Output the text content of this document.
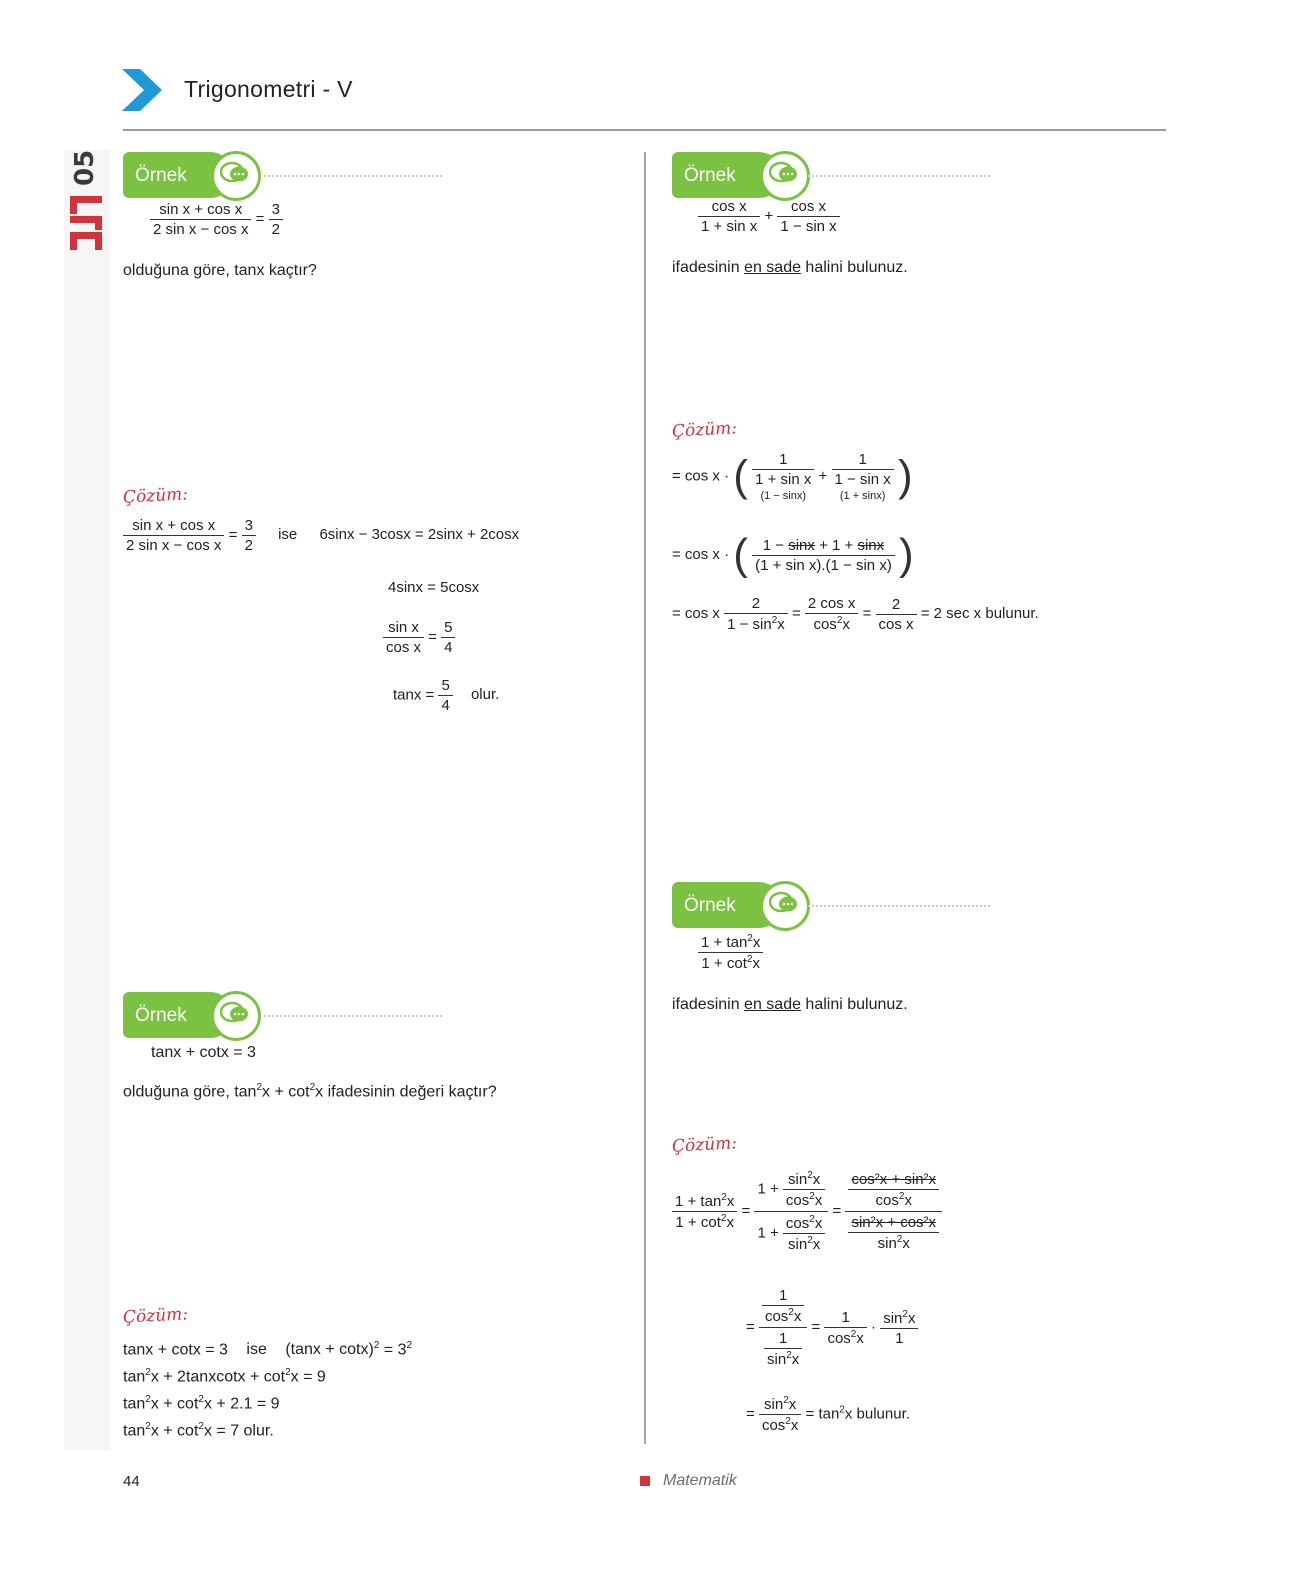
Trigonometri - V
05 Örnek
$\frac{\text{sin x + cos x}}{\text{2 sin x − cos x}} = \frac{3}{2}$
olduğuna göre, tanx kaçtır?
Çözüm:
$\frac{\text{sin x + cos x}}{\text{2 sin x − cos x}} = \frac{3}{2}$ ise 6sinx − 3cosx = 2sinx + 2cosx
4sinx = 5cosx
$\frac{\text{sin x}}{\text{cos x}} = \frac{5}{4}$
$\tan x = \frac{5}{4}$ olur.
Örnek
tanx + cotx = 3
olduğuna göre, $\tan^2x + \cot^2x$ ifadesinin değeri kaçtır?
Çözüm:
tanx + cotx = 3 ise $(\tan x + \cot x)^2 = 3^2$
$\tan^2x$ + 2tanxcotx + $\cot^2x = 9$
$\tan^2x + \cot^2x + 2.1 = 9$
$\tan^2x + \cot^2x = 7$ olur.
Örnek
$\frac{\text{cos x}}{\text{1 + sin x}} + \frac{\text{cos x}}{\text{1 − sin x}}$
ifadesinin en sade halini bulunuz.
Çözüm:
= cos x · (	1
1 + sin x
(1 − sinx)
+
1
1 − sin x
(1 + sinx) )
= cos x · ( $\frac{1 - \sin x + 1 + \sin x}{\text{(1 + sin x).(1 − sin x)}}$ )
= cos x $\frac{2}{1 - \sin^2x} = \frac{\text{2 cos x}}{\cos^2x} = \frac{2}{\text{cos x}} = 2$ sec x bulunur.
Örnek
$\frac{1 + \tan^2x}{1 + \cot^2x}$
ifadesinin en sade halini bulunuz.
Çözüm:
$\frac{1 + \tan^2x}{1 + \cot^2x} = \frac{1 + \frac{\sin^2x}{\cos^2x}}{1 + \frac{\cos^2x}{\sin^2x}} = \frac{\frac{\text{cos²x + sin²x}}{\cos^2x}}{\frac{\text{sin²x + cos²x}}{\sin^2x}}$
= $\frac{\frac{1}{\cos^2x}}{\frac{1}{\sin^2x}} = \frac{1}{\cos^2x} \cdot \frac{\sin^2x}{1}$
= $\frac{\sin^2x}{\cos^2x} = \tan^2x$ bulunur.
44	Matematik
